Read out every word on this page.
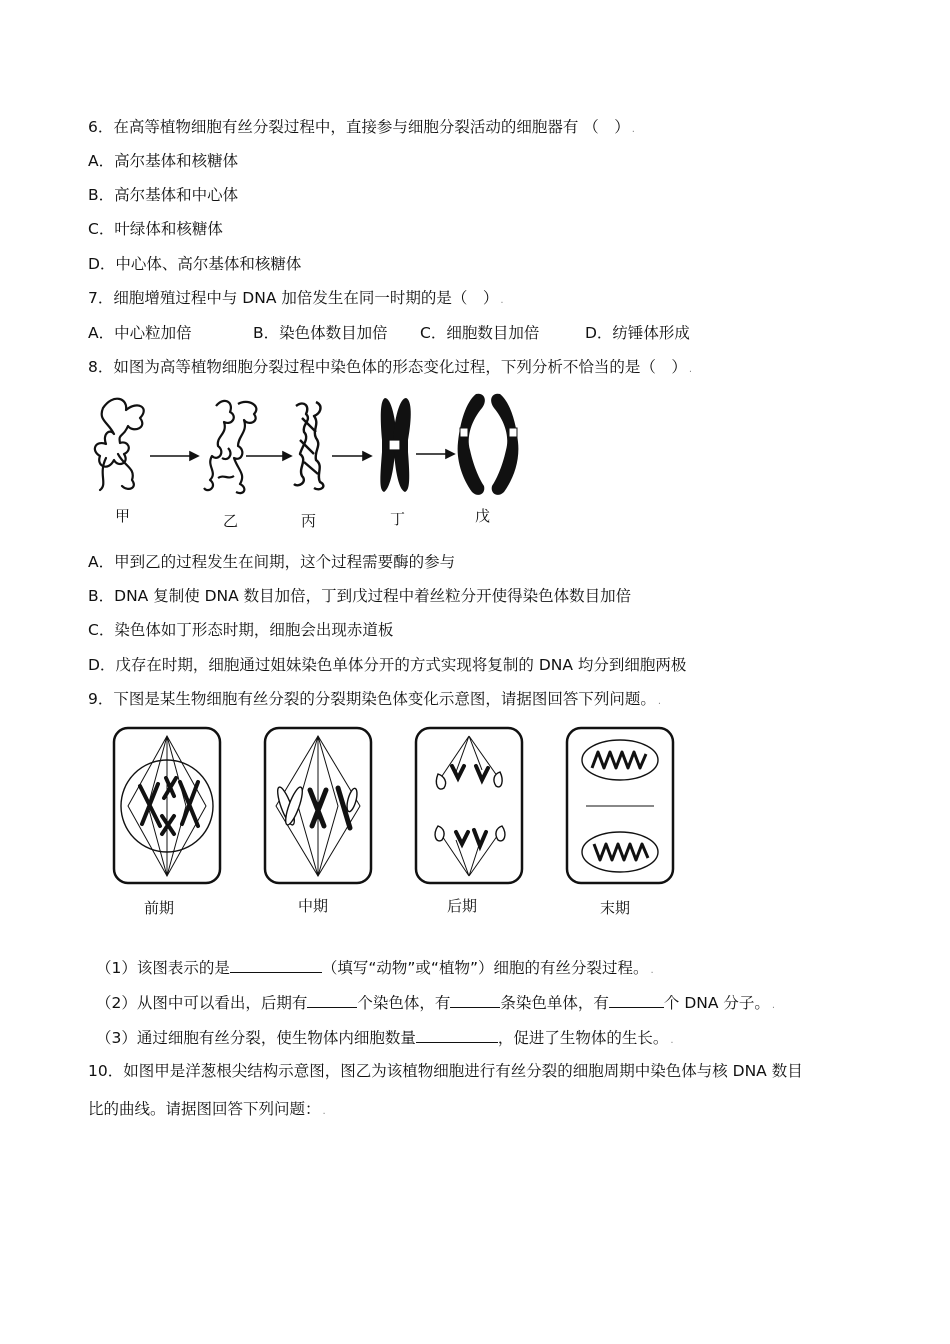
6．在高等植物细胞有丝分裂过程中，直接参与细胞分裂活动的细胞器有 （　） .
A．高尔基体和核糖体
B．高尔基体和中心体
C．叶绿体和核糖体
D．中心体、高尔基体和核糖体
7．细胞增殖过程中与 DNA 加倍发生在同一时期的是（　） .
A．中心粒加倍	B．染色体数目加倍 C．细胞数目加倍	D．纺锤体形成
8．如图为高等植物细胞分裂过程中染色体的形态变化过程，下列分析不恰当的是（　） .
甲	乙	丙	丁	戊
A．甲到乙的过程发生在间期，这个过程需要酶的参与
B．DNA 复制使 DNA 数目加倍，丁到戊过程中着丝粒分开使得染色体数目加倍
C．染色体如丁形态时期，细胞会出现赤道板
D．戊存在时期，细胞通过姐妹染色单体分开的方式实现将复制的 DNA 均分到细胞两极
9．下图是某生物细胞有丝分裂的分裂期染色体变化示意图，请据图回答下列问题。 .
前期	中期	后期	末期
（1）该图表示的是	（填写“动物”或“植物”）细胞的有丝分裂过程。 .
（2）从图中可以看出，后期有	个染色体，有	条染色单体，有	个 DNA 分子。 .
（3）通过细胞有丝分裂，使生物体内细胞数量	，促进了生物体的生长。 .
10．如图甲是洋葱根尖结构示意图，图乙为该植物细胞进行有丝分裂的细胞周期中染色体与核 DNA 数目
比的曲线。请据图回答下列问题： .
